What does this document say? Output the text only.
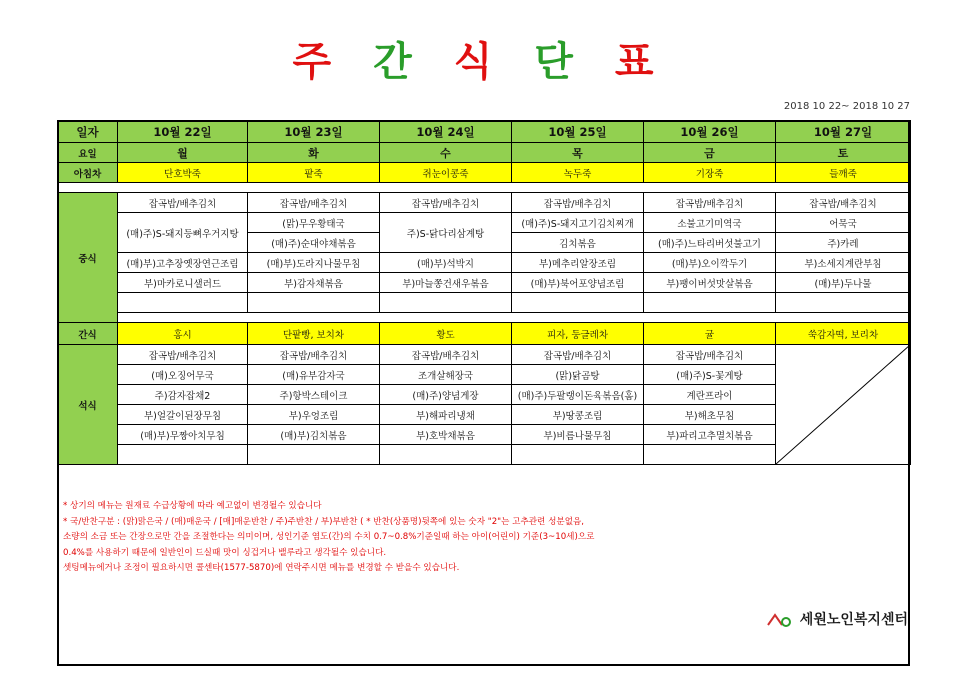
주 간 식 단 표
2018 10 22~ 2018 10 27
일자	10월 22일	10월 23일	10월 24일	10월 25일	10월 26일	10월 27일
요일	월	화	수	목	금	토
아침차	단호박죽	팥죽	쥐눈이콩죽	녹두죽	기장죽	들깨죽

중식	잡곡밥/배추김치	잡곡밥/배추김치	잡곡밥/배추김치	잡곡밥/배추김치	잡곡밥/배추김치	잡곡밥/배추김치
	(매)주)S-돼지등뼈우거지탕	(맑)무우황태국	주)S-닭다리삼계탕	(매)주)S-돼지고기김치찌개	소불고기미역국	어묵국
		(매)주)순대야채볶음		김치볶음	(매)주)느타리버섯불고기	주)카레
	(매)부)고추장옛장연근조림	(매)부)도라지나물무침	(매)부)석박지	부)메추리알장조림	(매)부)오이깍두기	부)소세지계란부침
	부)마카로니샐러드	부)감자채볶음	부)마늘쫑건새우볶음	(매)부)북어포양념조림	부)팽이버섯맛살볶음	(매)부)두나물

간식	홍시	단팥빵, 보치차	황도	피자, 둥글레차	귤	쑥감자떡, 보리차
석식	잡곡밥/배추김치	잡곡밥/배추김치	잡곡밥/배추김치	잡곡밥/배추김치	잡곡밥/배추김치	

	(매)오징어무국	(매)유부감자국	조개살해장국	(맑)닭곰탕	(매)주)S-꽃게탕	
	주)감자잡채2	주)항박스테이크	(매)주)양념게장	(매)주)두팔랭이돈육볶음(홈)	계란프라이	
	부)얼갈이된장무침	부)우엉조림	부)해파리냉채	부)땅콩조림	부)해초무침	
	(매)부)무짱아치무침	(매)부)김치볶음	부)호박채볶음	부)비름나물무침	부)파리고추멸치볶음	

* 상기의 메뉴는 원재료 수급상황에 따라 예고없이 변경될수 있습니다
* 국/반찬구분 : (맑)맑은국 / (매)매운국 / [매]매운반찬 / 주)주반찬 / 부)부반찬 ( * 반찬(상품명)뒷쪽에 있는 숫자 "2"는 고추관련 성분없음,
소량의 소금 또는 간장으로만 간을 조절한다는 의미이며, 성인기준 염도(간)의 수치 0.7~0.8%기준일때 하는 아이(어린이) 기준(3~10세)으로
0.4%를 사용하기 때문에 일반인이 드실때 맛이 싱겁거나 밸루라고 생각될수 있습니다.
셋팅메뉴에거나 조정이 필요하시면 콜센타(1577-5870)에 연락주시면 메뉴를 변경할 수 받을수 있습니다.
세원노인복지센터
